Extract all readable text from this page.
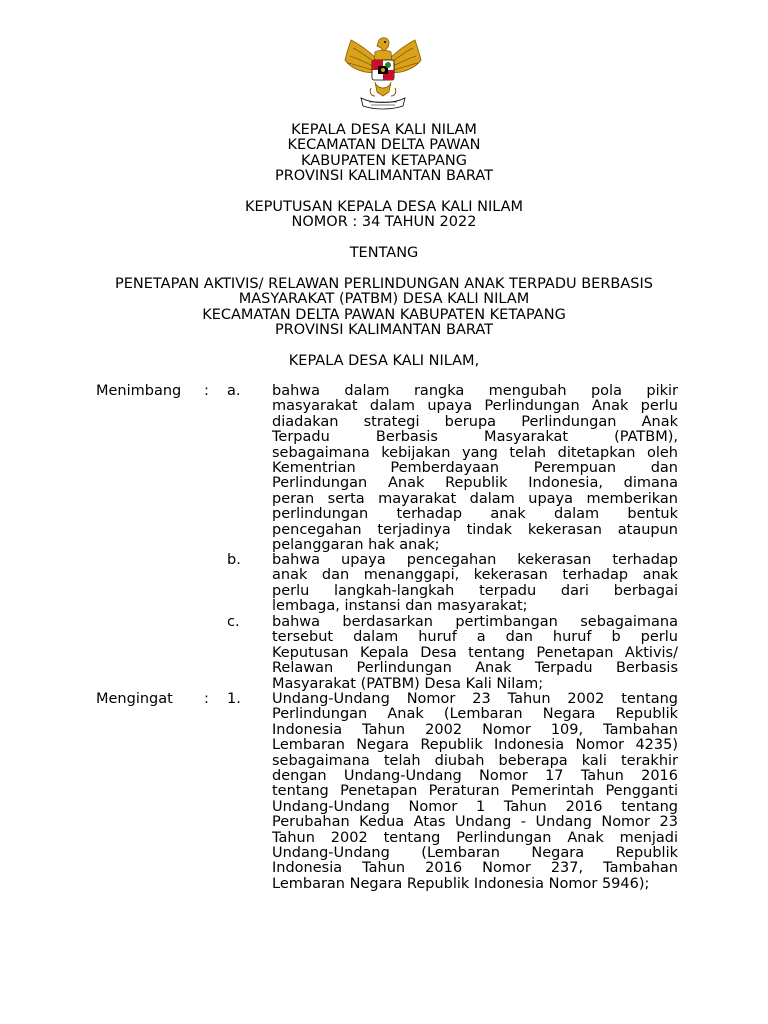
KEPALA DESA KALI NILAM
KECAMATAN DELTA PAWAN
KABUPATEN KETAPANG
PROVINSI KALIMANTAN BARAT
KEPUTUSAN KEPALA DESA KALI NILAM
NOMOR : 34 TAHUN 2022
TENTANG
PENETAPAN AKTIVIS/ RELAWAN PERLINDUNGAN ANAK TERPADU BERBASIS
MASYARAKAT (PATBM) DESA KALI NILAM
KECAMATAN DELTA PAWAN KABUPATEN KETAPANG
PROVINSI KALIMANTAN BARAT
KEPALA DESA KALI NILAM,
Menimbang : a. bahwa dalam rangka mengubah pola pikir
masyarakat dalam upaya Perlindungan Anak perlu
diadakan strategi berupa Perlindungan Anak
Terpadu Berbasis Masyarakat (PATBM),
sebagaimana kebijakan yang telah ditetapkan oleh
Kementrian Pemberdayaan Perempuan dan
Perlindungan Anak Republik Indonesia, dimana
peran serta mayarakat dalam upaya memberikan
perlindungan terhadap anak dalam bentuk
pencegahan terjadinya tindak kekerasan ataupun
pelanggaran hak anak;
b. bahwa upaya pencegahan kekerasan terhadap
anak dan menanggapi, kekerasan terhadap anak
perlu langkah-langkah terpadu dari berbagai
lembaga, instansi dan masyarakat;
c. bahwa berdasarkan pertimbangan sebagaimana
tersebut dalam huruf a dan huruf b perlu
Keputusan Kepala Desa tentang Penetapan Aktivis/
Relawan Perlindungan Anak Terpadu Berbasis
Masyarakat (PATBM) Desa Kali Nilam;
Mengingat : 1. Undang-Undang Nomor 23 Tahun 2002 tentang
Perlindungan Anak (Lembaran Negara Republik
Indonesia Tahun 2002 Nomor 109, Tambahan
Lembaran Negara Republik Indonesia Nomor 4235)
sebagaimana telah diubah beberapa kali terakhir
dengan Undang-Undang Nomor 17 Tahun 2016
tentang Penetapan Peraturan Pemerintah Pengganti
Undang-Undang Nomor 1 Tahun 2016 tentang
Perubahan Kedua Atas Undang - Undang Nomor 23
Tahun 2002 tentang Perlindungan Anak menjadi
Undang-Undang (Lembaran Negara Republik
Indonesia Tahun 2016 Nomor 237, Tambahan
Lembaran Negara Republik Indonesia Nomor 5946);
